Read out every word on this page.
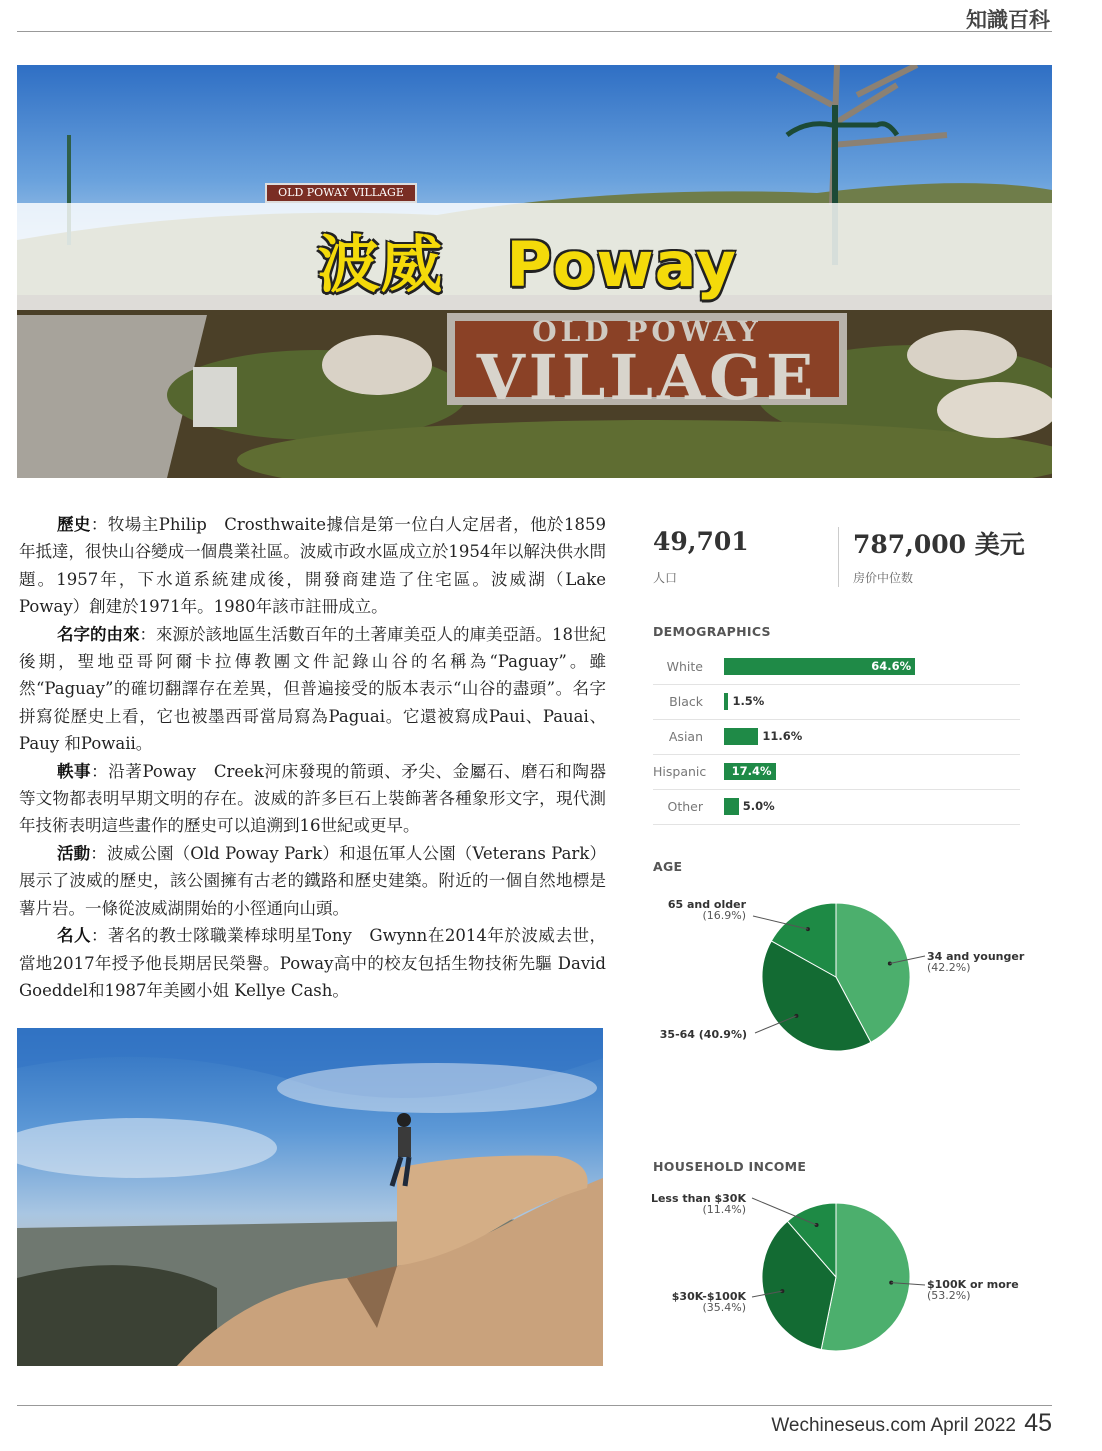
知識百科
OLD POWAY VILLAGE
OLD POWAY
VILLAGE
波威　Poway

歷史：牧場主Philip　Crosthwaite據信是第一位白人定居者，他於1859年抵達，很快山谷變成一個農業社區。波威市政水區成立於1954年以解決供水問題。1957年，下水道系統建成後，開發商建造了住宅區。波威湖（Lake Poway）創建於1971年。1980年該市註冊成立。

名字的由來：來源於該地區生活數百年的土著庫美亞人的庫美亞語。18世紀後期，聖地亞哥阿爾卡拉傳教團文件記錄山谷的名稱為“Paguay”。雖然“Paguay”的確切翻譯存在差異，但普遍接受的版本表示“山谷的盡頭”。名字拼寫從歷史上看，它也被墨西哥當局寫為Paguai。它還被寫成Paui、Pauai、Pauy 和Powaii。

軼事：沿著Poway　Creek河床發現的箭頭、矛尖、金屬石、磨石和陶器等文物都表明早期文明的存在。波威的許多巨石上裝飾著各種象形文字，現代測年技術表明這些畫作的歷史可以追溯到16世紀或更早。

活動：波威公園（Old Poway Park）和退伍軍人公園（Veterans Park）展示了波威的歷史，該公園擁有古老的鐵路和歷史建築。附近的一個自然地標是薯片岩。一條從波威湖開始的小徑通向山頭。

名人：著名的教士隊職業棒球明星Tony　Gwynn在2014年於波威去世，當地2017年授予他長期居民榮譽。Poway高中的校友包括生物技術先驅 David Goeddel和1987年美國小姐 Kellye Cash。

49,701
人口
787,000 美元
房价中位数
DEMOGRAPHICS
White	64.6%
Black	1.5%
Asian	11.6%
Hispanic	17.4%
Other	5.0%
AGE
34 and younger
(42.2%)
35-64 (40.9%)
65 and older
(16.9%)
HOUSEHOLD INCOME
$100K or more
(53.2%)
$30K-$100K
(35.4%)
Less than $30K
(11.4%)
Wechineseus.com April 2022 45
